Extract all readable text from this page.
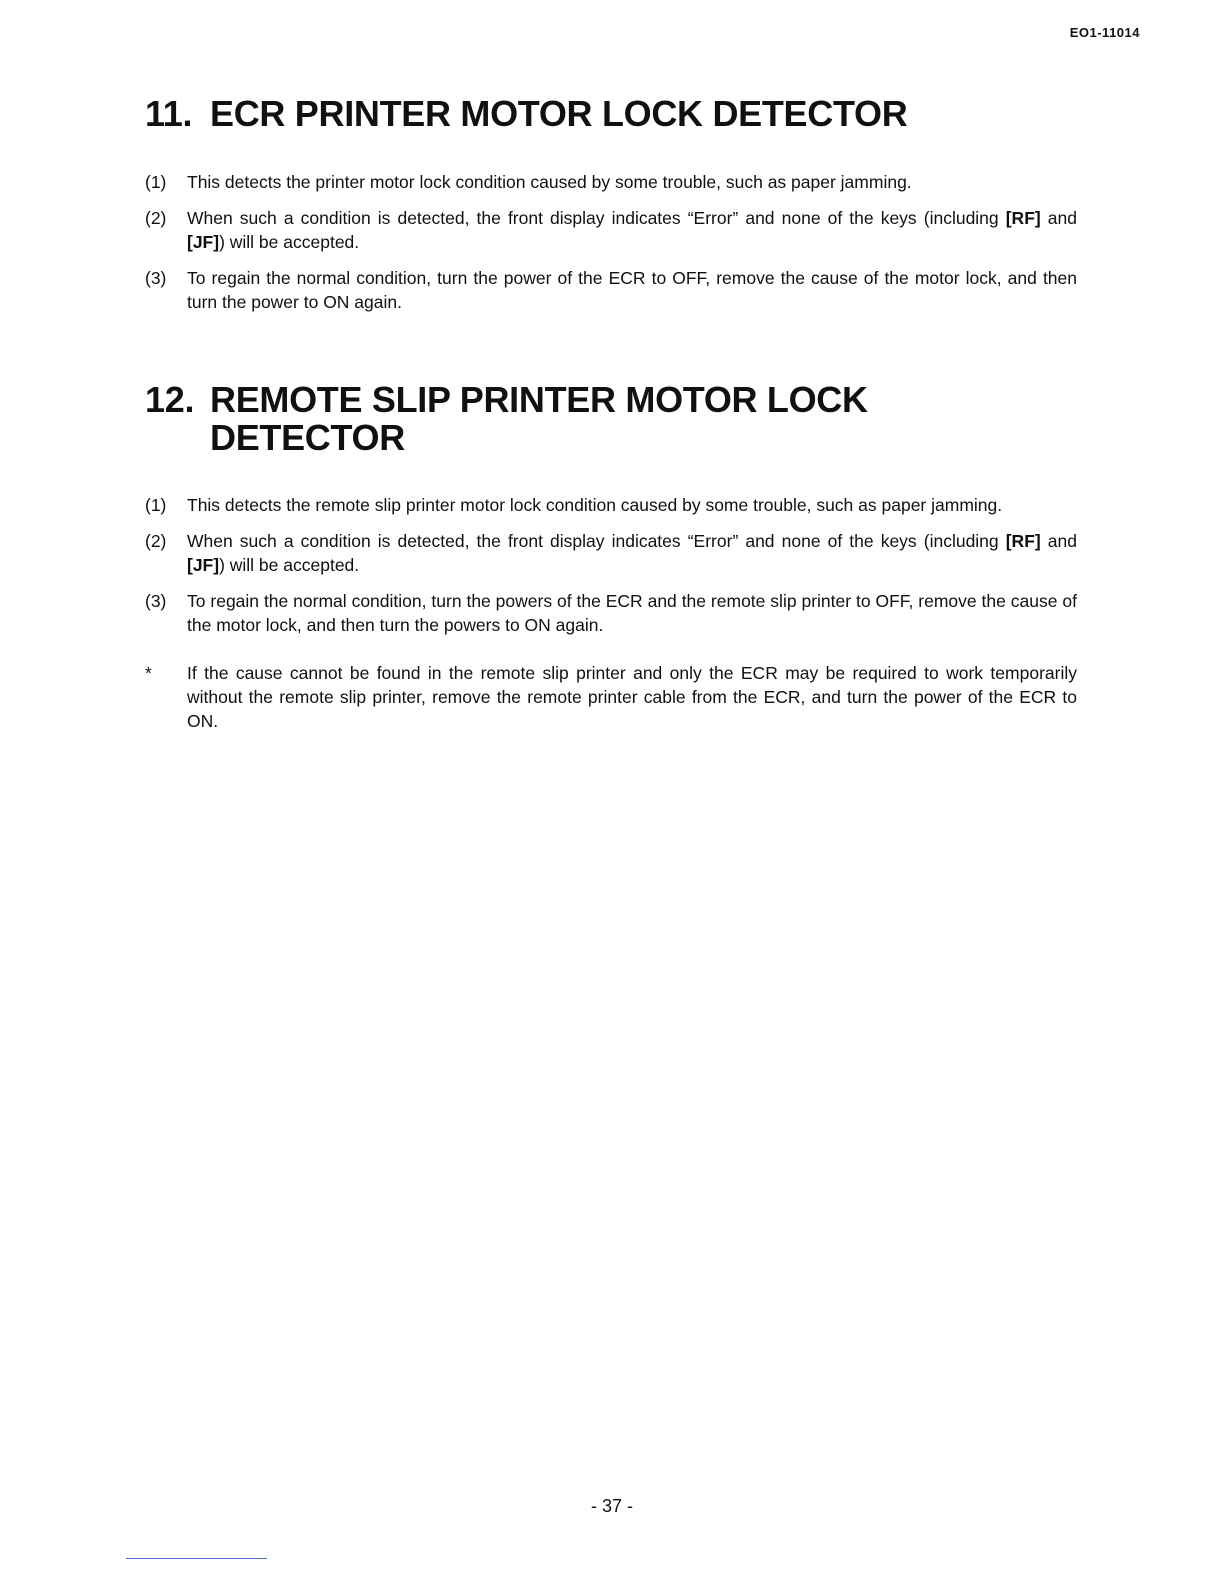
EO1-11014
11. ECR PRINTER MOTOR LOCK DETECTOR
(1)	This detects the printer motor lock condition caused by some trouble, such as paper jamming.
(2)	When such a condition is detected, the front display indicates “Error” and none of the keys (including [RF] and [JF]) will be accepted.
(3)	To regain the normal condition, turn the power of the ECR to OFF, remove the cause of the motor lock, and then turn the power to ON again.
12. REMOTE SLIP PRINTER MOTOR LOCK
DETECTOR
(1)	This detects the remote slip printer motor lock condition caused by some trouble, such as paper jamming.
(2)	When such a condition is detected, the front display indicates “Error” and none of the keys (including [RF] and [JF]) will be accepted.
(3)	To regain the normal condition, turn the powers of the ECR and the remote slip printer to OFF, remove the cause of the motor lock, and then turn the powers to ON again.
*	If the cause cannot be found in the remote slip printer and only the ECR may be required to work temporarily without the remote slip printer, remove the remote printer cable from the ECR, and turn the power of the ECR to ON.
- 37 -
